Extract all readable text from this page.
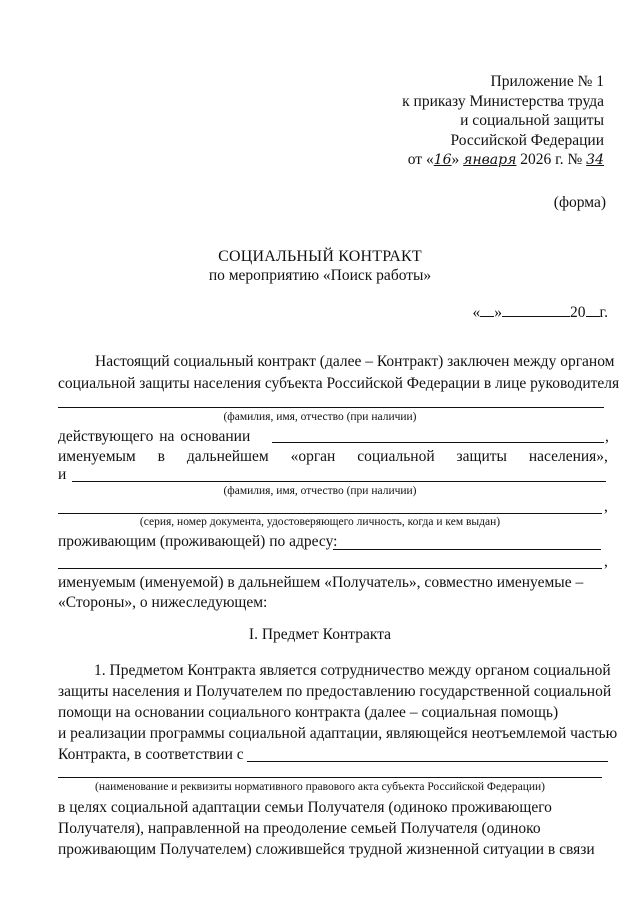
Приложение № 1
к приказу Министерства труда
и социальной защиты
Российской Федерации
от «16» января 2026 г. № 34
(форма)
СОЦИАЛЬНЫЙ КОНТРАКТ
по мероприятию «Поиск работы»
« »	20 г.
Настоящий социальный контракт (далее – Контракт) заключен между органом
социальной защиты населения субъекта Российской Федерации в лице руководителя
(фамилия, имя, отчество (при наличии)
действующего на основании	,
именуемым в дальнейшем «орган социальной защиты населения»,
и
(фамилия, имя, отчество (при наличии)
,
(серия, номер документа, удостоверяющего личность, когда и кем выдан)
проживающим (проживающей) по адресу:
,
именуемым (именуемой) в дальнейшем «Получатель», совместно именуемые –
«Стороны», о нижеследующем:
I. Предмет Контракта
1. Предметом Контракта является сотрудничество между органом социальной
защиты населения и Получателем по предоставлению государственной социальной
помощи на основании социального контракта (далее – социальная помощь)
и реализации программы социальной адаптации, являющейся неотъемлемой частью
Контракта, в соответствии с
(наименование и реквизиты нормативного правового акта субъекта Российской Федерации)
в целях социальной адаптации семьи Получателя (одиноко проживающего
Получателя), направленной на преодоление семьей Получателя (одиноко
проживающим Получателем) сложившейся трудной жизненной ситуации в связи
